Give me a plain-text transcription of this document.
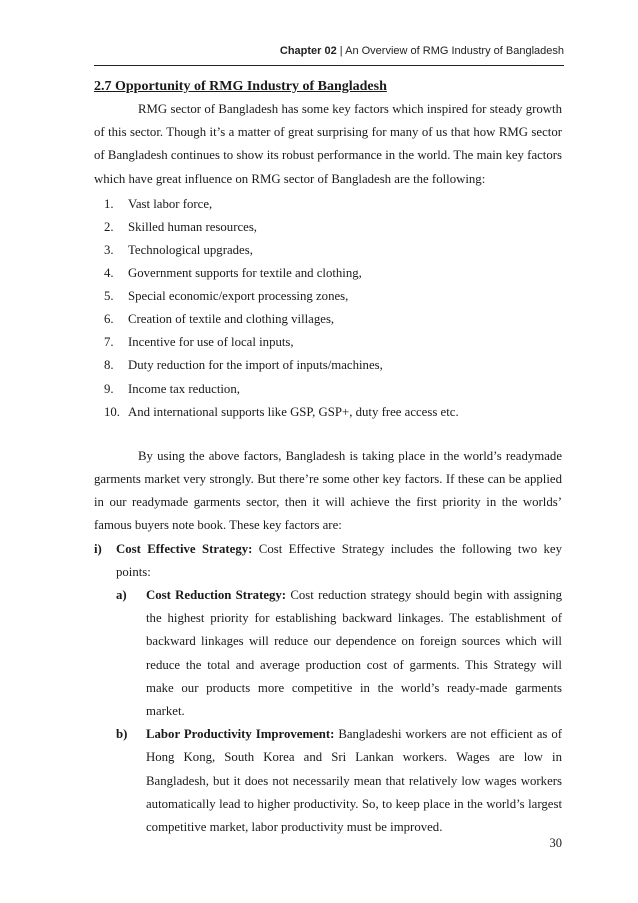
Chapter 02 | An Overview of RMG Industry of Bangladesh

2.7 Opportunity of RMG Industry of Bangladesh

RMG sector of Bangladesh has some key factors which inspired for steady growth of this sector. Though it’s a matter of great surprising for many of us that how RMG sector of Bangladesh continues to show its robust performance in the world. The main key factors which have great influence on RMG sector of Bangladesh are the following:

1.	Vast labor force,
2.	Skilled human resources,
3.	Technological upgrades,
4.	Government supports for textile and clothing,
5.	Special economic/export processing zones,
6.	Creation of textile and clothing villages,
7.	Incentive for use of local inputs,
8.	Duty reduction for the import of inputs/machines,
9.	Income tax reduction,
10. And international supports like GSP, GSP+, duty free access etc.

By using the above factors, Bangladesh is taking place in the world’s readymade garments market very strongly. But there’re some other key factors. If these can be applied in our readymade garments sector, then it will achieve the first priority in the worlds’ famous buyers note book. These key factors are:

i)	Cost Effective Strategy: Cost Effective Strategy includes the following two key points:

a)	Cost Reduction Strategy: Cost reduction strategy should begin with assigning the highest priority for establishing backward linkages. The establishment of backward linkages will reduce our dependence on foreign sources which will reduce the total and average production cost of garments. This Strategy will make our products more competitive in the world’s ready-made garments market.

b)	Labor Productivity Improvement: Bangladeshi workers are not efficient as of Hong Kong, South Korea and Sri Lankan workers. Wages are low in Bangladesh, but it does not necessarily mean that relatively low wages workers automatically lead to higher productivity. So, to keep place in the world’s largest competitive market, labor productivity must be improved.

30
